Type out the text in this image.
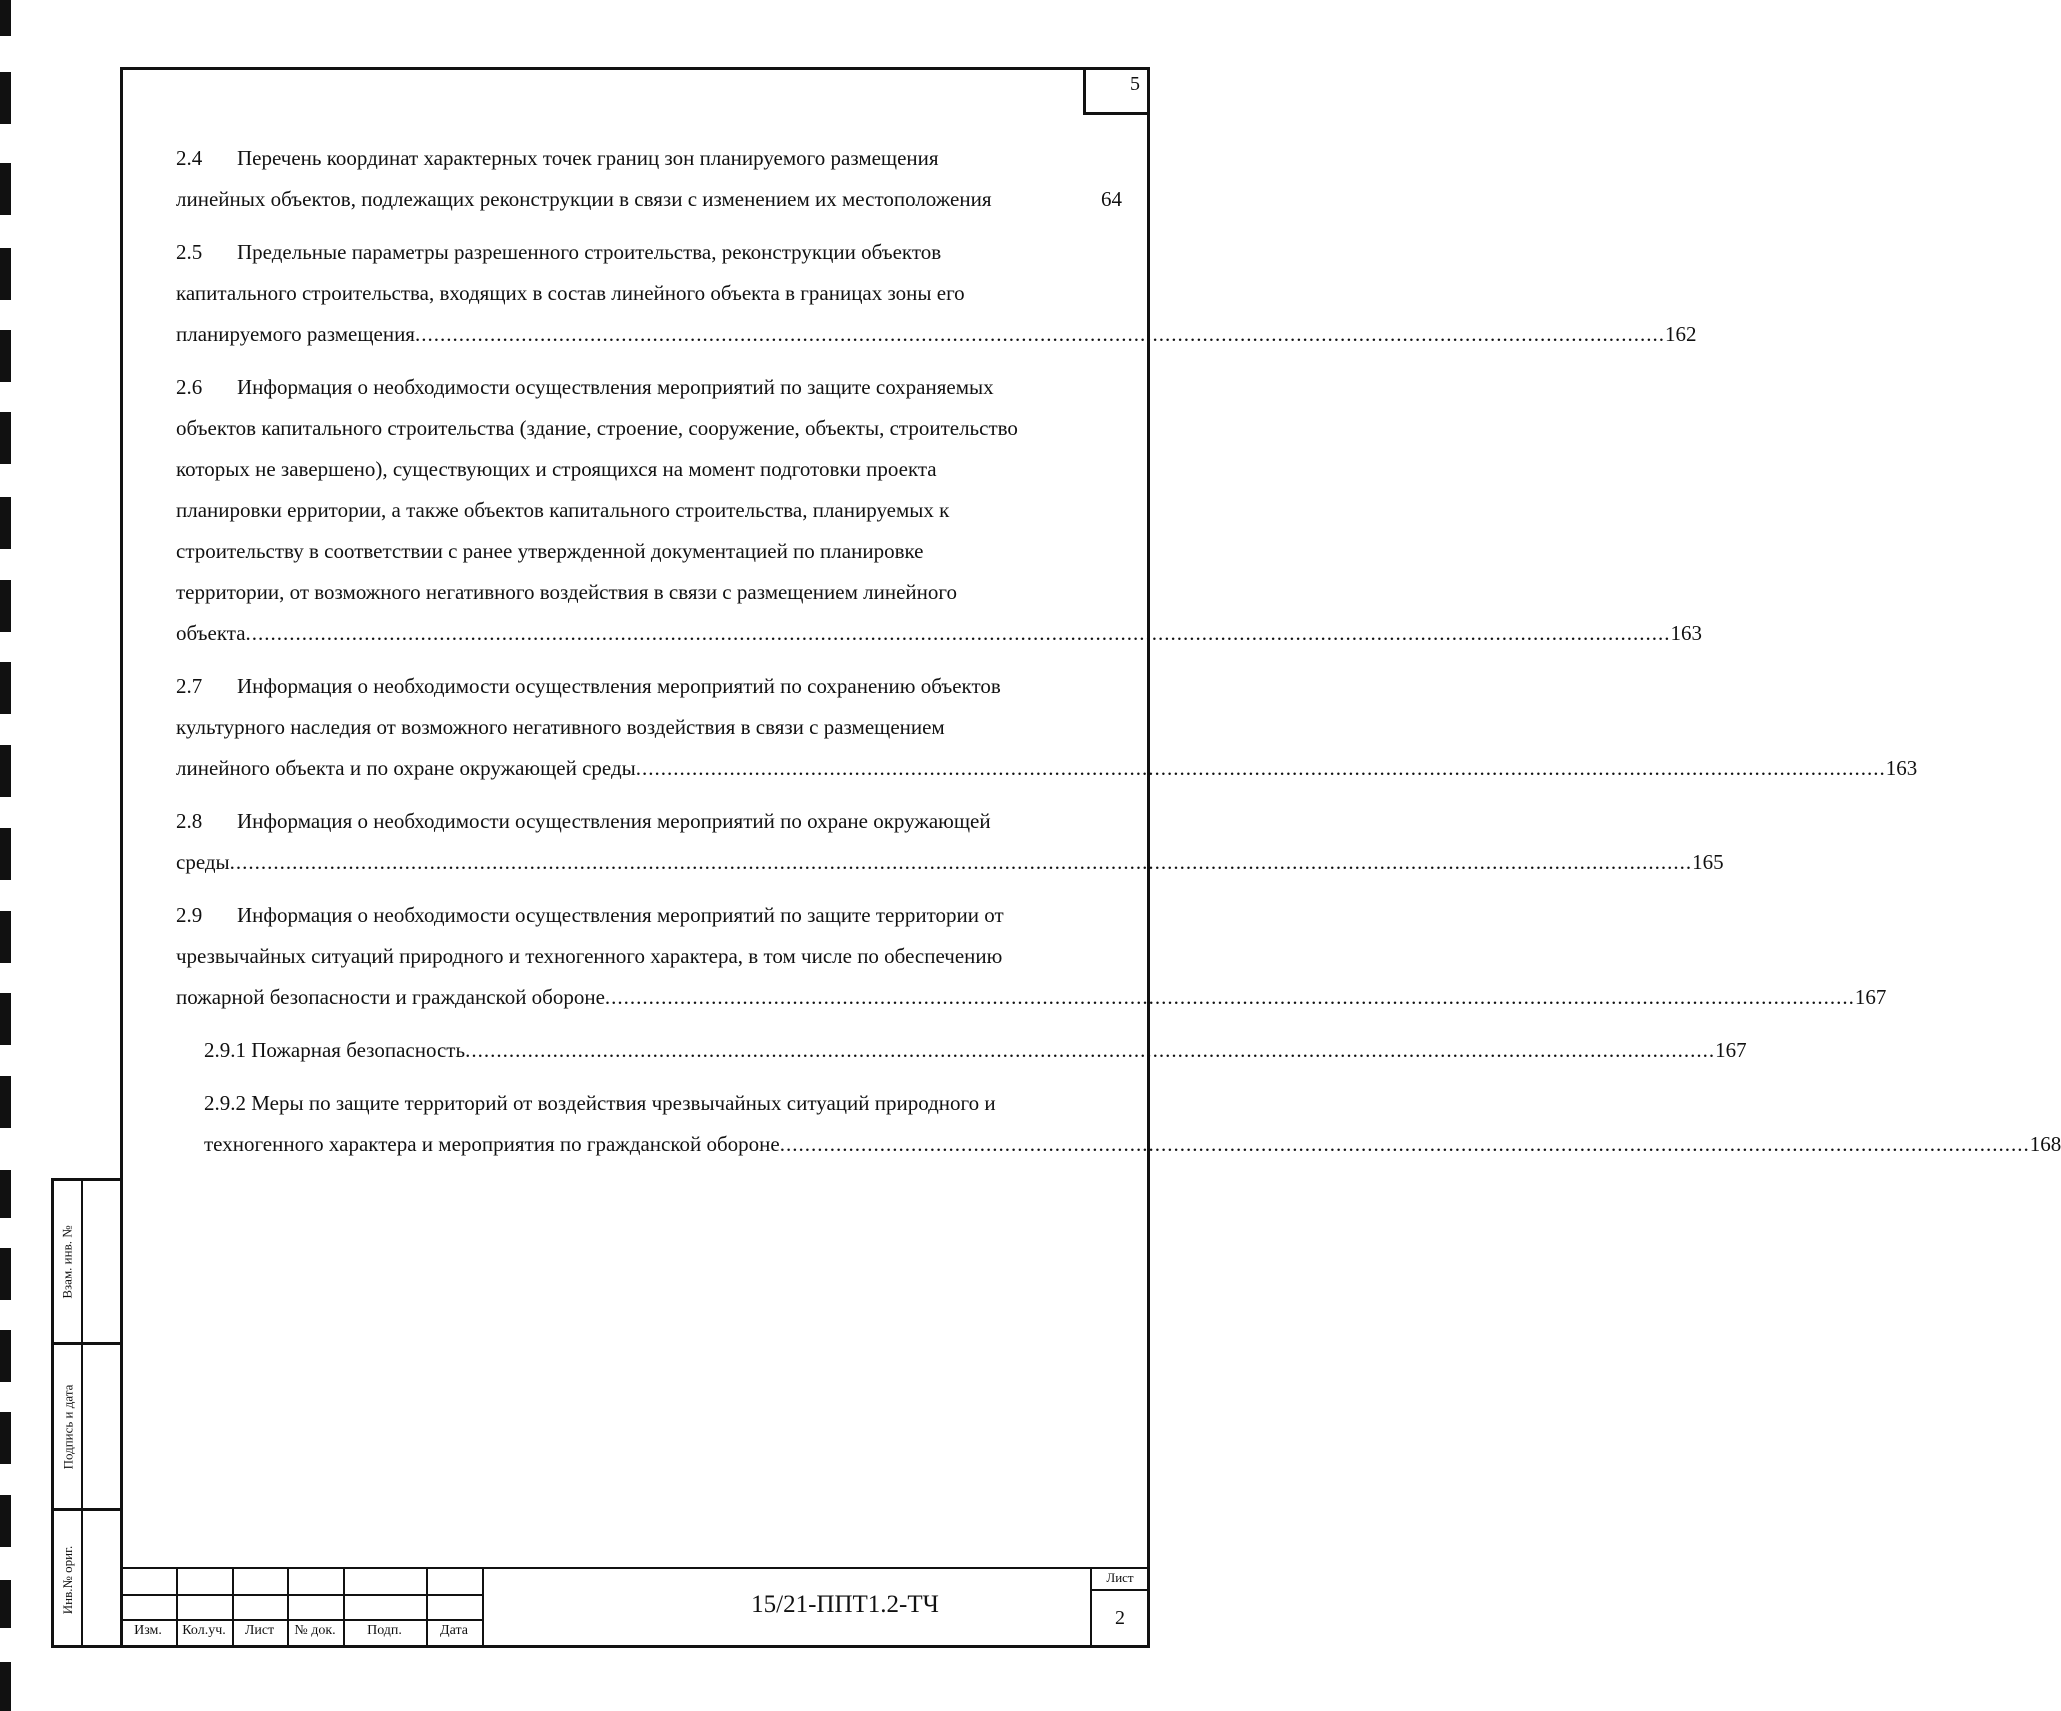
5
2.4 Перечень координат характерных точек границ зон планируемого размещения
линейных объектов, подлежащих реконструкции в связи с изменением их местоположения	64
2.5 Предельные параметры разрешенного строительства, реконструкции объектов
капитального строительства, входящих в состав линейного объекта в границах зоны его
планируемого размещения ........................................................................................................................................................................................................ 162
2.6 Информация о необходимости осуществления мероприятий по защите сохраняемых
объектов капитального строительства (здание, строение, сооружение, объекты, строительство
которых не завершено), существующих и строящихся на момент подготовки проекта
планировки ерритории, а также объектов капитального строительства, планируемых к
строительству в соответствии с ранее утвержденной документацией по планировке
территории, от возможного негативного воздействия в связи с размещением линейного
объекта .................................................................................................................................................................................................................................... 163
2.7 Информация о необходимости осуществления мероприятий по сохранению объектов
культурного наследия от возможного негативного воздействия в связи с размещением
линейного объекта и по охране окружающей среды ........................................................................................................................................................................................................ 163
2.8 Информация о необходимости осуществления мероприятий по охране окружающей
среды .......................................................................................................................................................................................................................................... 165
2.9 Информация о необходимости осуществления мероприятий по защите территории от
чрезвычайных ситуаций природного и техногенного характера, в том числе по обеспечению
пожарной безопасности и гражданской обороне ........................................................................................................................................................................................................ 167
2.9.1 Пожарная безопасность ........................................................................................................................................................................................................ 167
2.9.2 Меры по защите территорий от воздействия чрезвычайных ситуаций природного и
техногенного характера и мероприятия по гражданской обороне ........................................................................................................................................................................................................ 168
Взам. инв. №
Подпись и дата
Инв.№ ориг.
Изм.	Кол.уч.	Лист	№ док.	Подп.	Дата
15/21-ППТ1.2-ТЧ
Лист
2
